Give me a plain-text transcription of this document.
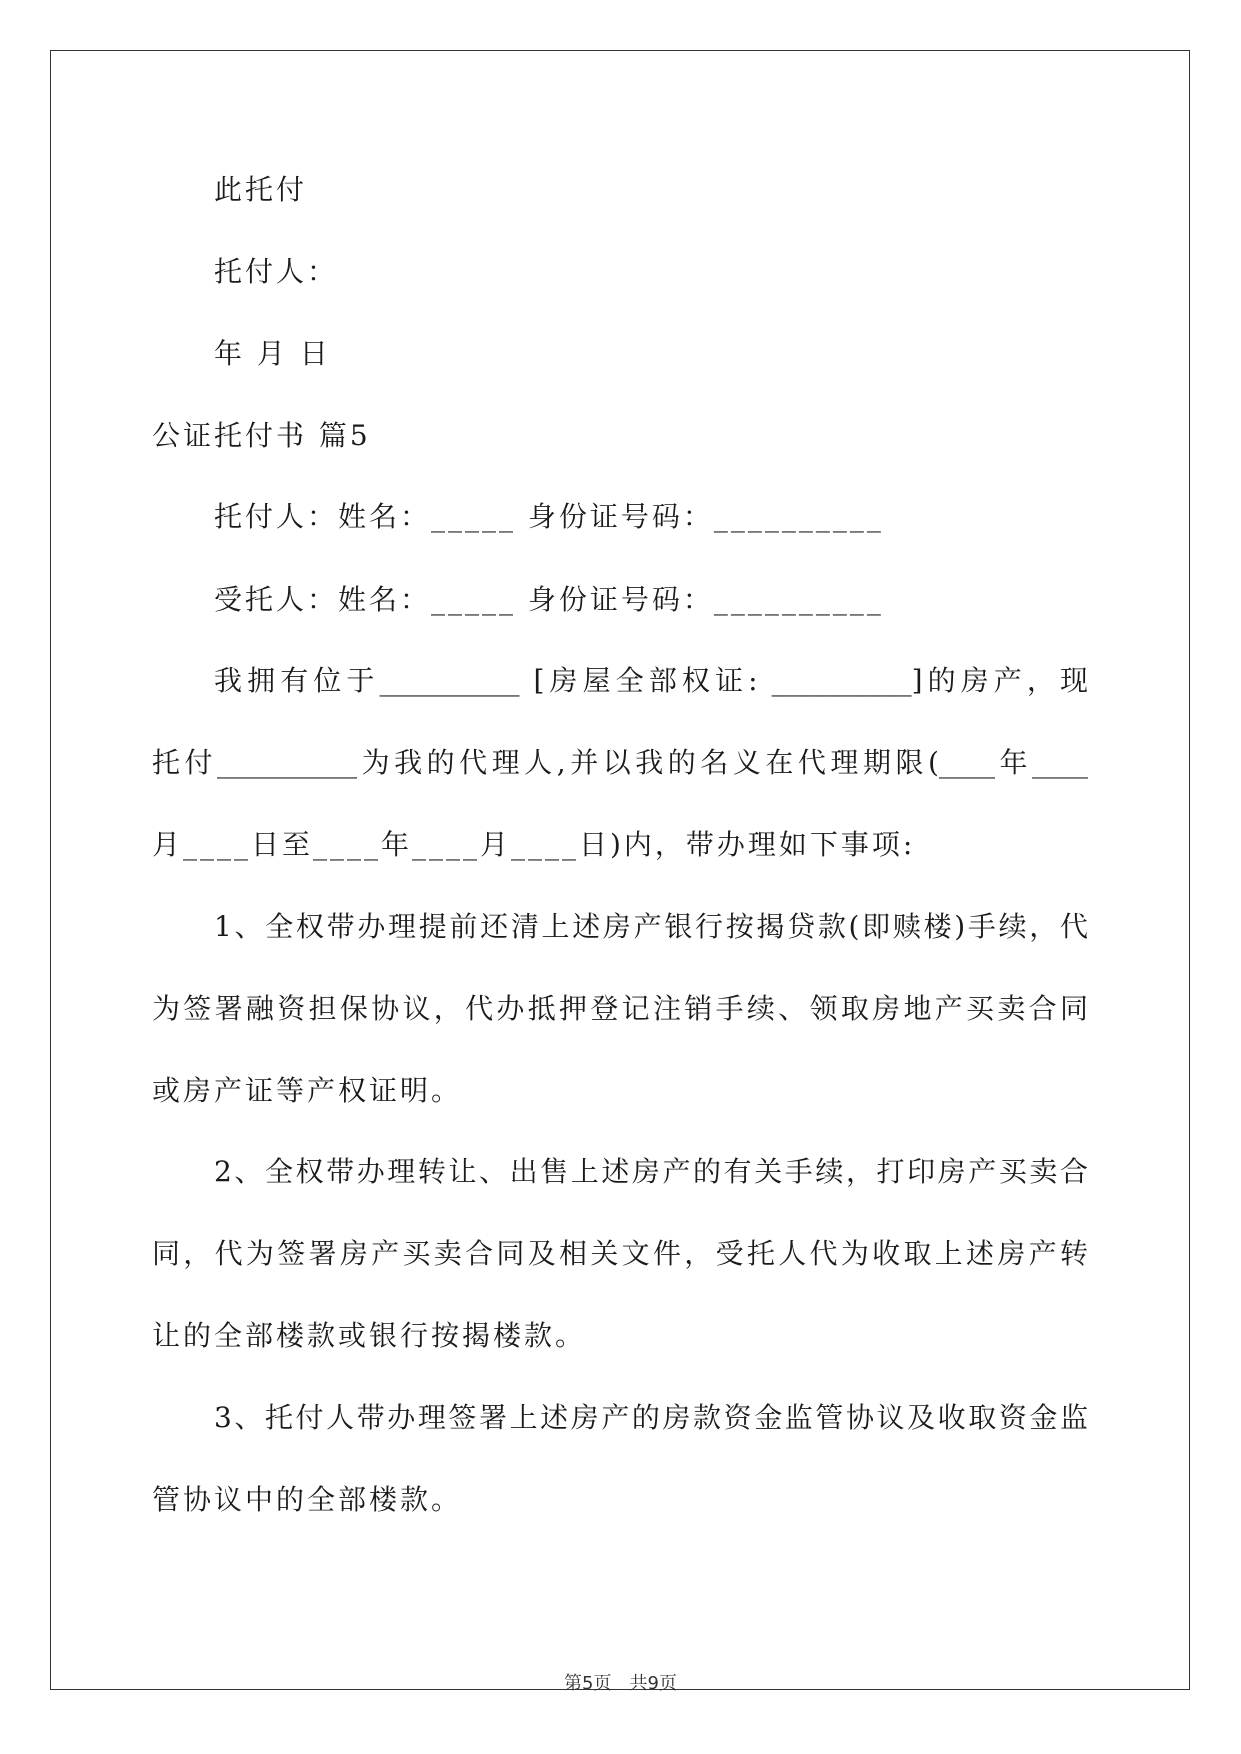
此托付
托付人：
年 月 日
公证托付书 篇5
托付人：姓名：_____ 身份证号码：__________
受托人：姓名：_____ 身份证号码：__________
我拥有位于__________ [房屋全部权证: __________]的房产，现
托付__________为我的代理人,并以我的名义在代理期限(____年____
月____日至____年____月____日)内，带办理如下事项:
1、全权带办理提前还清上述房产银行按揭贷款(即赎楼)手续，代
为签署融资担保协议，代办抵押登记注销手续、领取房地产买卖合同
或房产证等产权证明。
2、全权带办理转让、出售上述房产的有关手续，打印房产买卖合
同，代为签署房产买卖合同及相关文件，受托人代为收取上述房产转
让的全部楼款或银行按揭楼款。
3、托付人带办理签署上述房产的房款资金监管协议及收取资金监
管协议中的全部楼款。
第5页　共9页
